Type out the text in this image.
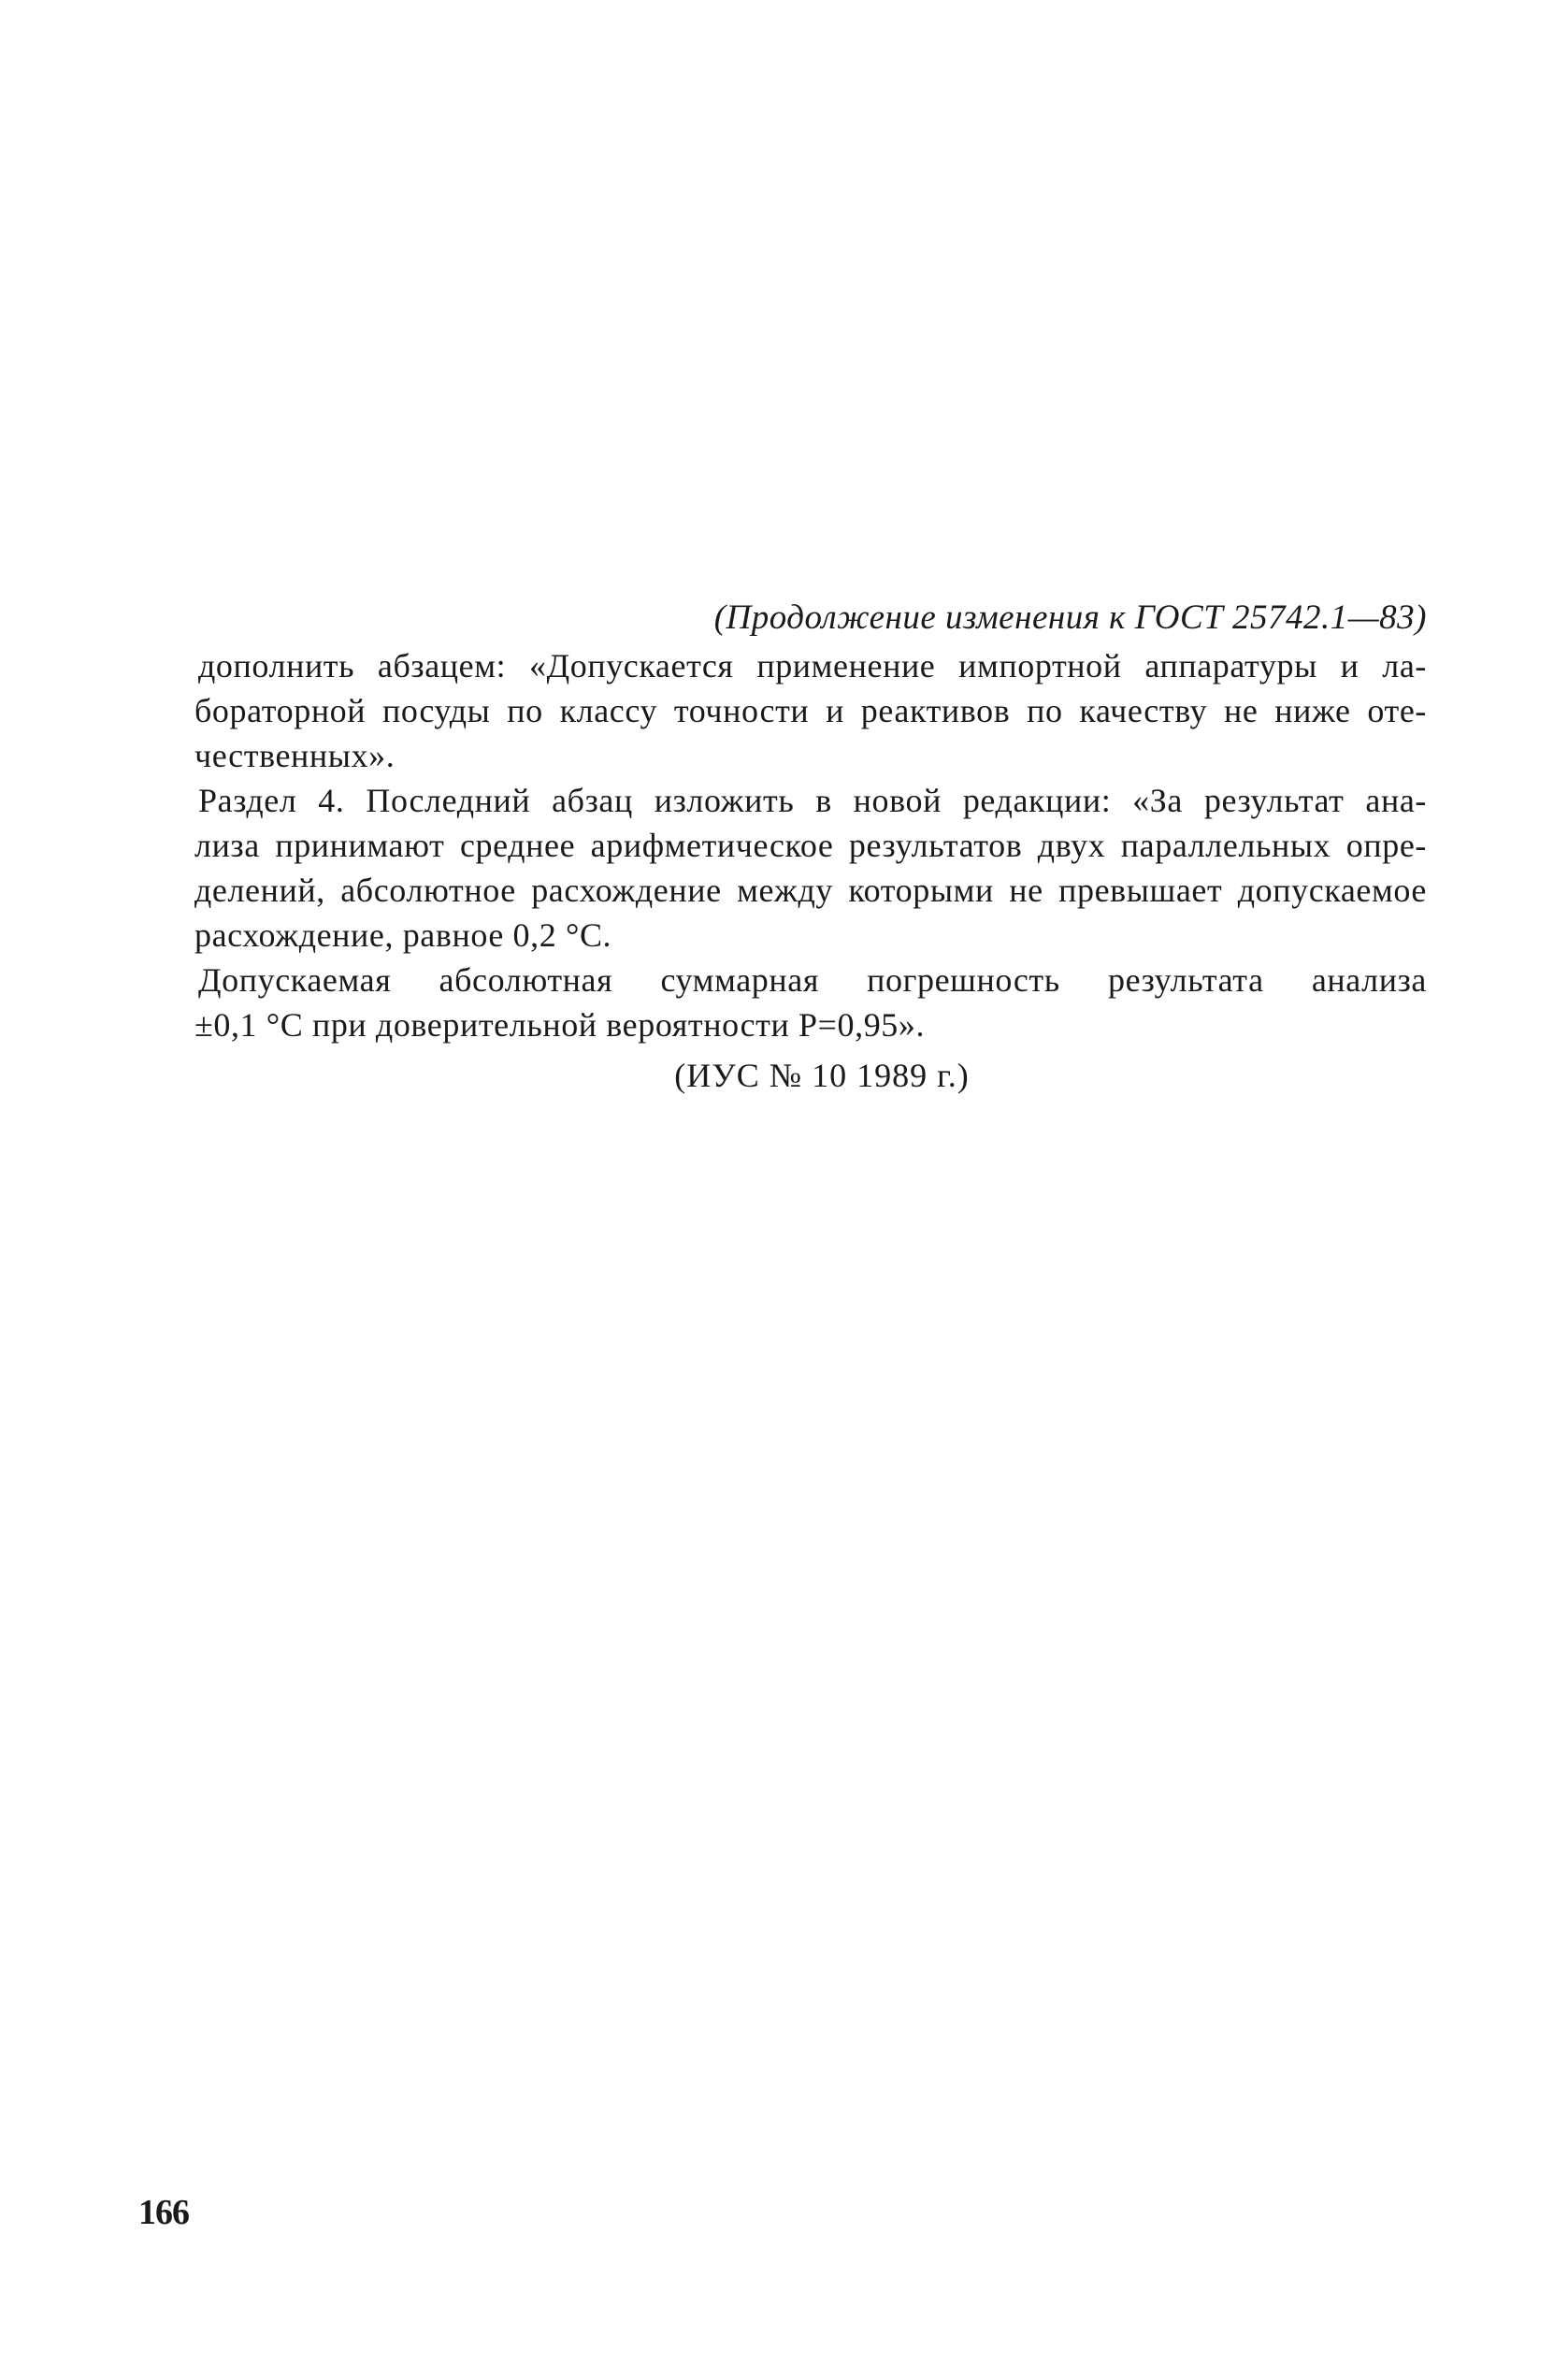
(Продолжение изменения к ГОСТ 25742.1—83)
дополнить абзацем: «Допускается применение импортной аппаратуры и ла-
бораторной посуды по классу точности и реактивов по качеству не ниже оте-
чественных».
Раздел 4. Последний абзац изложить в новой редакции: «За результат ана-
лиза принимают среднее арифметическое результатов двух параллельных опре-
делений, абсолютное расхождение между которыми не превышает допускаемое
расхождение, равное 0,2 °С.
Допускаемая абсолютная суммарная погрешность результата анализа
±0,1 °С при доверительной вероятности P=0,95».
(ИУС № 10 1989 г.)
166
